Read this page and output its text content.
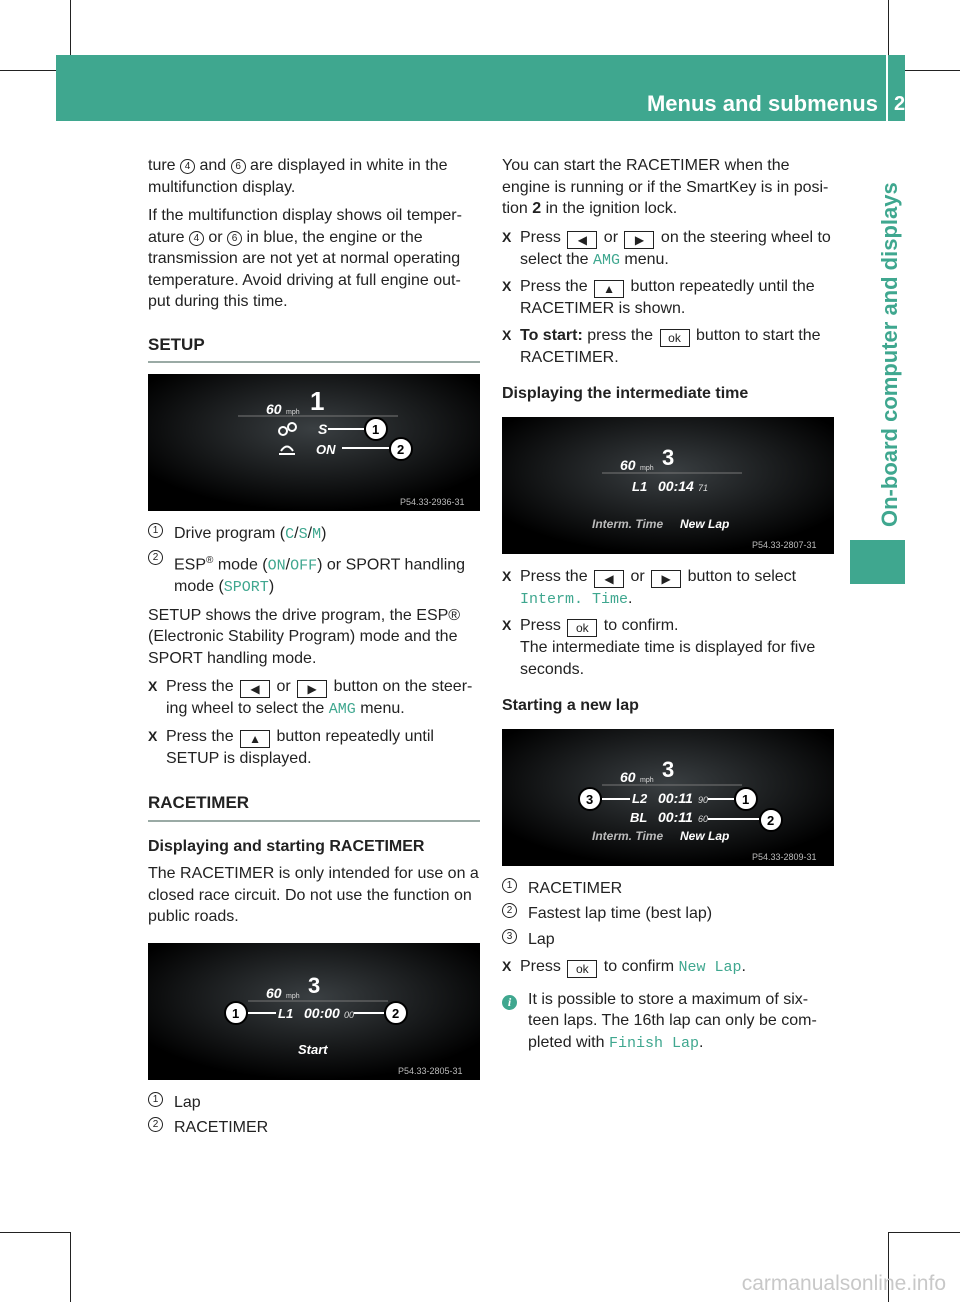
Menus and submenus 209
On-board computer and displays

ture 4 and 6 are displayed in white in the multifunction display.

If the multifunction display shows oil temper- ature 4 or 6 in blue, the engine or the transmission are not yet at normal operating temperature. Avoid driving at full engine out- put during this time.

SETUP
60 mph 1
S
ON
1
2
P54.33-2936-31
1 Drive program (C/S/M)
2 ESP® mode (ON/OFF) or SPORT handling mode (SPORT)

SETUP shows the drive program, the ESP® (Electronic Stability Program) mode and the SPORT handling mode.

X Press the ◀ or ▶ button on the steer- ing wheel to select the AMG menu.
X Press the ▲ button repeatedly until SETUP is displayed.
RACETIMER
Displaying and starting RACETIMER

The RACETIMER is only intended for use on a closed race circuit. Do not use the function on public roads.

60 mph 3
L1 00:00 00
1	2
Start
P54.33-2805-31
1 Lap
2 RACETIMER

You can start the RACETIMER when the engine is running or if the SmartKey is in posi- tion 2 in the ignition lock.

X Press ◀ or ▶ on the steering wheel to select the AMG menu.
X Press the ▲ button repeatedly until the RACETIMER is shown.
X To start: press the ok button to start the RACETIMER.
Displaying the intermediate time
60 mph 3
L1 00:14 71
Interm. Time New Lap
P54.33-2807-31
X Press the ◀ or ▶ button to select Interm. Time.
X Press ok to confirm.
The intermediate time is displayed for five seconds.
Starting a new lap
60 mph 3
L2 00:11 90
BL 00:11 60
Interm. Time New Lap
3	1
2
P54.33-2809-31
1 RACETIMER
2 Fastest lap time (best lap)
3 Lap
X Press ok to confirm New Lap.
i	It is possible to store a maximum of six- teen laps. The 16th lap can only be com- pleted with Finish Lap.
carmanualsonline.info
